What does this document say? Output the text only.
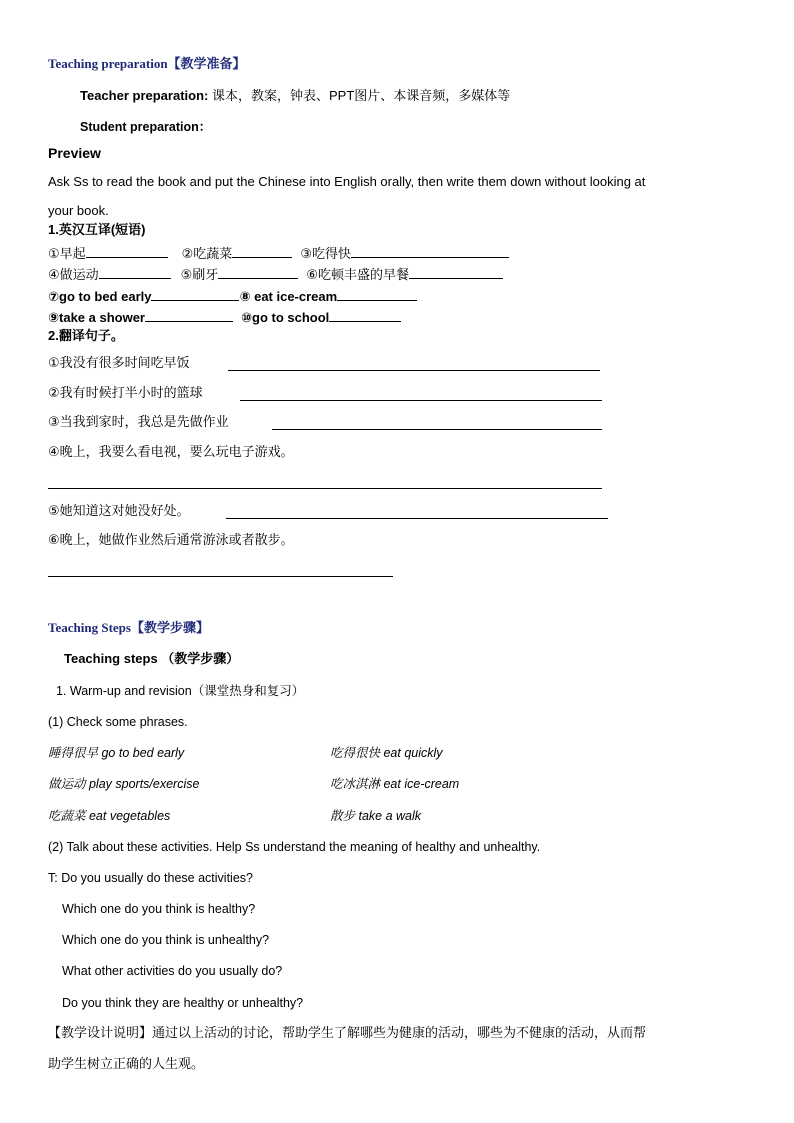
Teaching preparation【教学准备】
Teacher preparation: 课本，教案，钟表、PPT图片、本课音频，多媒体等
Student preparation：
Preview
Ask Ss to read the book and put the Chinese into English orally, then write them down without looking at
your book.
1.英汉互译(短语)
①早起	②吃蔬菜	③吃得快
④做运动	⑤刷牙	⑥吃顿丰盛的早餐
⑦go to bed early	⑧ eat ice-cream
⑨take a shower	⑩go to school
2.翻译句子。
①我没有很多时间吃早饭
②我有时候打半小时的篮球
③当我到家时，我总是先做作业
④晚上，我要么看电视，要么玩电子游戏。
⑤她知道这对她没好处。
⑥晚上，她做作业然后通常游泳或者散步。
Teaching Steps【教学步骤】
Teaching steps （教学步骤）
1. Warm-up and revision（课堂热身和复习）
(1) Check some phrases.
睡得很早 go to bed early	吃得很快 eat quickly
做运动 play sports/exercise	吃冰淇淋 eat ice-cream
吃蔬菜 eat vegetables	散步 take a walk
(2) Talk about these activities. Help Ss understand the meaning of healthy and unhealthy.
T: Do you usually do these activities?
Which one do you think is healthy?
Which one do you think is unhealthy?
What other activities do you usually do?
Do you think they are healthy or unhealthy?
【教学设计说明】通过以上活动的讨论，帮助学生了解哪些为健康的活动，哪些为不健康的活动，从而帮
助学生树立正确的人生观。
